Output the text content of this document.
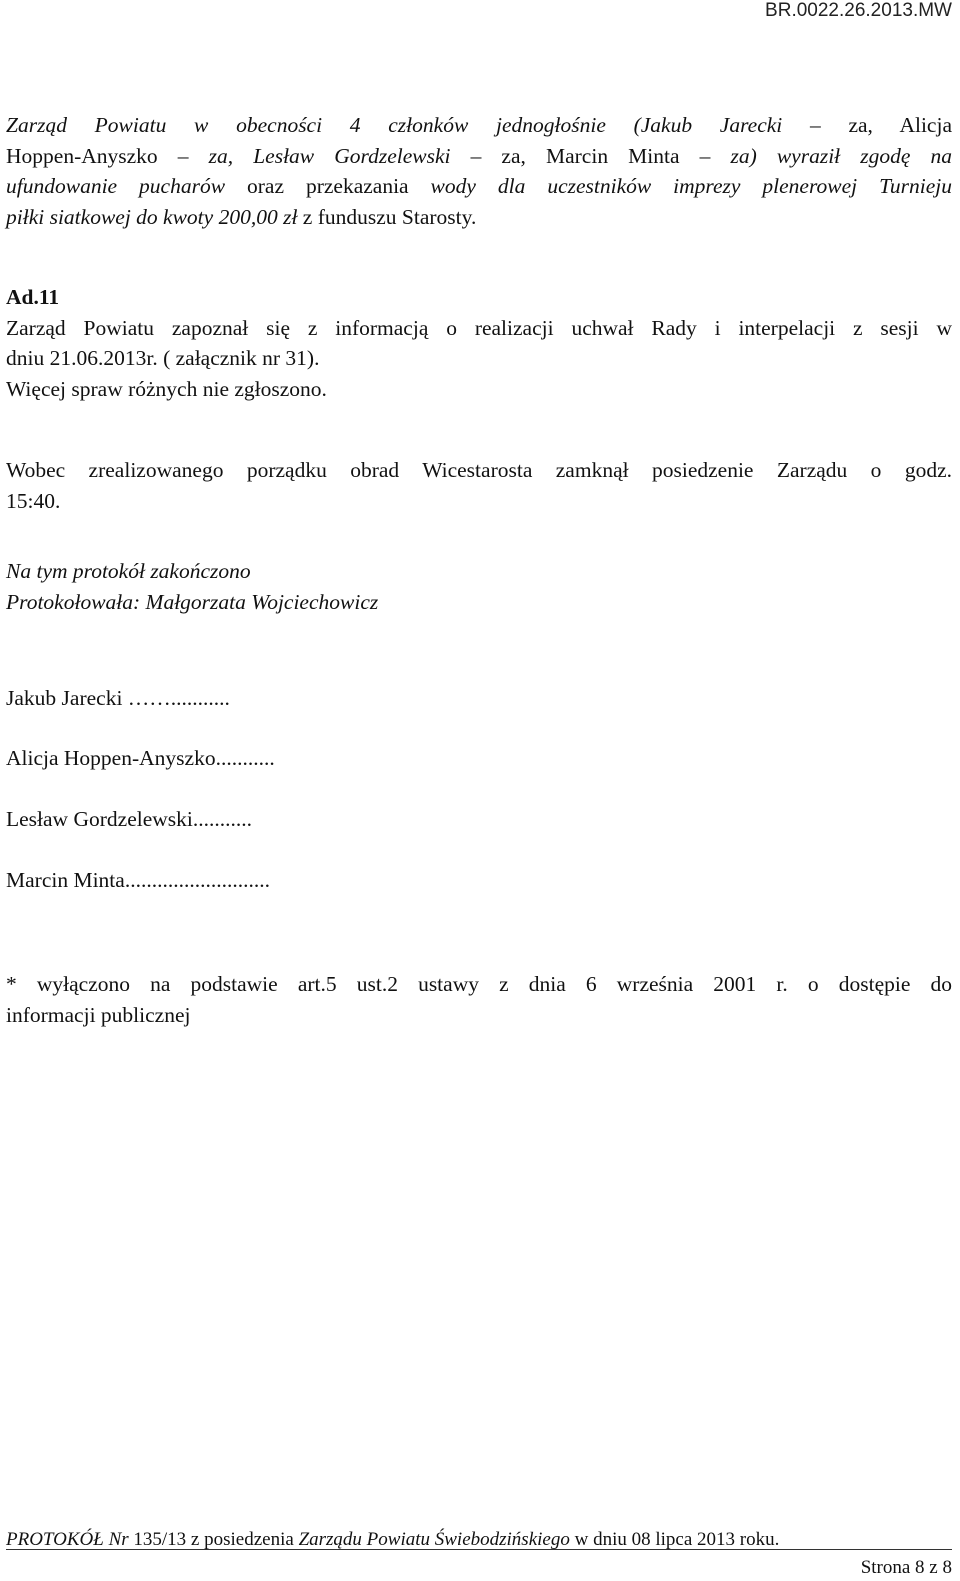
BR.0022.26.2013.MW
Zarząd Powiatu w obecności 4 członków jednogłośnie (Jakub Jarecki – za, Alicja
Hoppen-Anyszko – za, Lesław Gordzelewski – za, Marcin Minta – za) wyraził zgodę na
ufundowanie pucharów oraz przekazania wody dla uczestników imprezy plenerowej Turnieju
piłki siatkowej do kwoty 200,00 zł z funduszu Starosty.
Ad.11
Zarząd Powiatu zapoznał się z informacją o realizacji uchwał Rady i interpelacji z sesji w
dniu 21.06.2013r. ( załącznik nr 31).
Więcej spraw różnych nie zgłoszono.
Wobec zrealizowanego porządku obrad Wicestarosta zamknął posiedzenie Zarządu o godz.
15:40.
Na tym protokół zakończono
Protokołowała: Małgorzata Wojciechowicz
Jakub Jarecki ……...........
Alicja Hoppen-Anyszko...........
Lesław Gordzelewski...........
Marcin Minta...........................
* wyłączono na podstawie art.5 ust.2 ustawy z dnia 6 września 2001 r. o dostępie do
informacji publicznej
PROTOKÓŁ Nr 135/13 z posiedzenia Zarządu Powiatu Świebodzińskiego w dniu 08 lipca 2013 roku.
Strona 8 z 8
